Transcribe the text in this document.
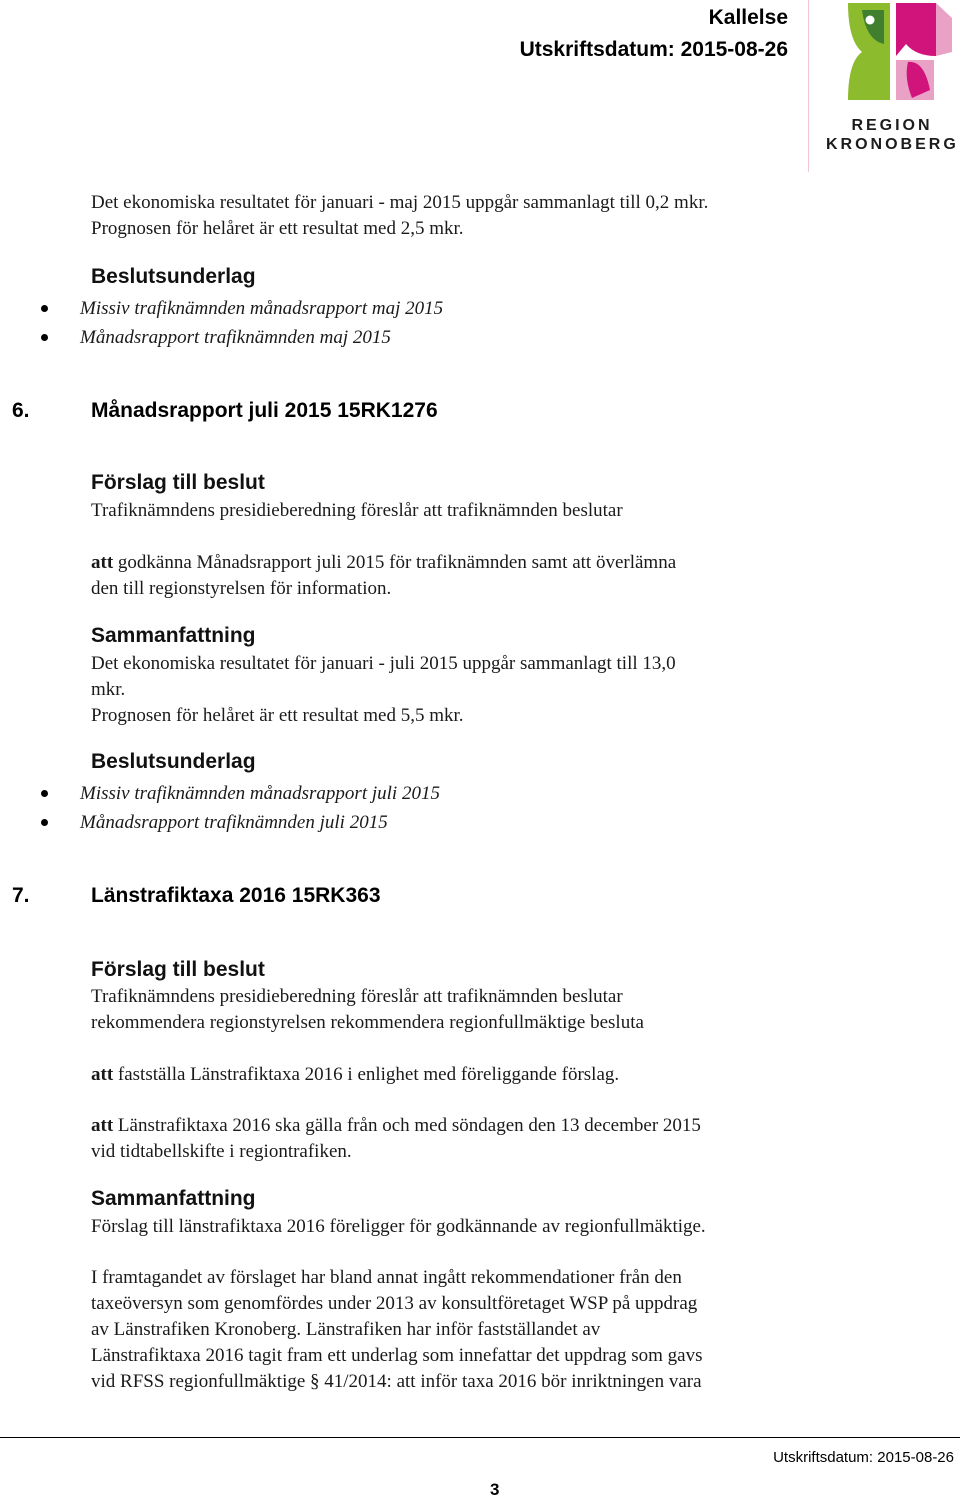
Kallelse
Utskriftsdatum: 2015-08-26
REGION
KRONOBERG
Det ekonomiska resultatet för januari - maj 2015 uppgår sammanlagt till 0,2 mkr.
Prognosen för helåret är ett resultat med 2,5 mkr.
Beslutsunderlag
Missiv trafiknämnden månadsrapport maj 2015
Månadsrapport trafiknämnden maj 2015
6.	Månadsrapport juli 2015 15RK1276
Förslag till beslut
Trafiknämndens presidieberedning föreslår att trafiknämnden beslutar
att godkänna Månadsrapport juli 2015 för trafiknämnden samt att överlämna
den till regionstyrelsen för information.
Sammanfattning
Det ekonomiska resultatet för januari - juli 2015 uppgår sammanlagt till 13,0
mkr.
Prognosen för helåret är ett resultat med 5,5 mkr.
Beslutsunderlag
Missiv trafiknämnden månadsrapport juli 2015
Månadsrapport trafiknämnden juli 2015
7.	Länstrafiktaxa 2016 15RK363
Förslag till beslut
Trafiknämndens presidieberedning föreslår att trafiknämnden beslutar
rekommendera regionstyrelsen rekommendera regionfullmäktige besluta
att fastställa Länstrafiktaxa 2016 i enlighet med föreliggande förslag.
att Länstrafiktaxa 2016 ska gälla från och med söndagen den 13 december 2015
vid tidtabellskifte i regiontrafiken.
Sammanfattning
Förslag till länstrafiktaxa 2016 föreligger för godkännande av regionfullmäktige.
I framtagandet av förslaget har bland annat ingått rekommendationer från den
taxeöversyn som genomfördes under 2013 av konsultföretaget WSP på uppdrag
av Länstrafiken Kronoberg. Länstrafiken har inför fastställandet av
Länstrafiktaxa 2016 tagit fram ett underlag som innefattar det uppdrag som gavs
vid RFSS regionfullmäktige § 41/2014: att inför taxa 2016 bör inriktningen vara
Utskriftsdatum: 2015-08-26
3
